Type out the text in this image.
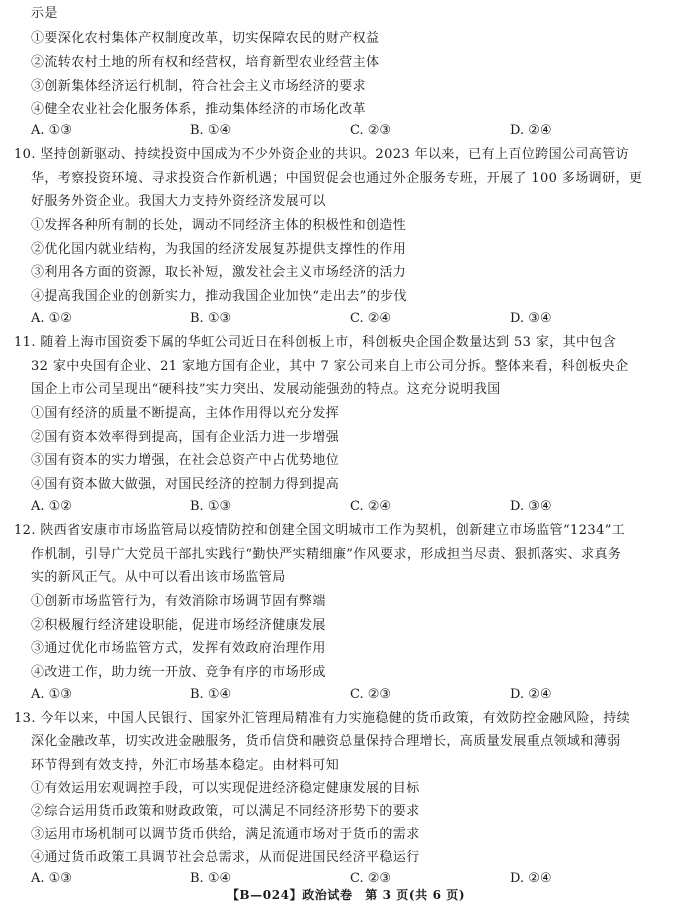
示是
①要深化农村集体产权制度改革，切实保障农民的财产权益
②流转农村土地的所有权和经营权，培育新型农业经营主体
③创新集体经济运行机制，符合社会主义市场经济的要求
④健全农业社会化服务体系，推动集体经济的市场化改革
A. ①③	B. ①④	C. ②③	D. ②④
10. 坚持创新驱动、持续投资中国成为不少外资企业的共识。2023 年以来，已有上百位跨国公司高管访
华，考察投资环境、寻求投资合作新机遇；中国贸促会也通过外企服务专班，开展了 100 多场调研，更
好服务外资企业。我国大力支持外资经济发展可以
①发挥各种所有制的长处，调动不同经济主体的积极性和创造性
②优化国内就业结构，为我国的经济发展复苏提供支撑性的作用
③利用各方面的资源，取长补短，激发社会主义市场经济的活力
④提高我国企业的创新实力，推动我国企业加快“走出去”的步伐
A. ①②	B. ①③	C. ②④	D. ③④
11. 随着上海市国资委下属的华虹公司近日在科创板上市，科创板央企国企数量达到 53 家，其中包含
32 家中央国有企业、21 家地方国有企业，其中 7 家公司来自上市公司分拆。整体来看，科创板央企
国企上市公司呈现出“硬科技”实力突出、发展动能强劲的特点。这充分说明我国
①国有经济的质量不断提高，主体作用得以充分发挥
②国有资本效率得到提高，国有企业活力进一步增强
③国有资本的实力增强，在社会总资产中占优势地位
④国有资本做大做强，对国民经济的控制力得到提高
A. ①②	B. ①③	C. ②④	D. ③④
12. 陕西省安康市市场监管局以疫情防控和创建全国文明城市工作为契机，创新建立市场监管“1234”工
作机制，引导广大党员干部扎实践行“勤快严实精细廉”作风要求，形成担当尽责、狠抓落实、求真务
实的新风正气。从中可以看出该市场监管局
①创新市场监管行为，有效消除市场调节固有弊端
②积极履行经济建设职能，促进市场经济健康发展
③通过优化市场监管方式，发挥有效政府治理作用
④改进工作，助力统一开放、竞争有序的市场形成
A. ①③	B. ①④	C. ②③	D. ②④
13. 今年以来，中国人民银行、国家外汇管理局精准有力实施稳健的货币政策，有效防控金融风险，持续
深化金融改革，切实改进金融服务，货币信贷和融资总量保持合理增长，高质量发展重点领域和薄弱
环节得到有效支持，外汇市场基本稳定。由材料可知
①有效运用宏观调控手段，可以实现促进经济稳定健康发展的目标
②综合运用货币政策和财政政策，可以满足不同经济形势下的要求
③运用市场机制可以调节货币供给，满足流通市场对于货币的需求
④通过货币政策工具调节社会总需求，从而促进国民经济平稳运行
A. ①③	B. ①④	C. ②③	D. ②④
【B—024】政治试卷　第 3 页(共 6 页)
